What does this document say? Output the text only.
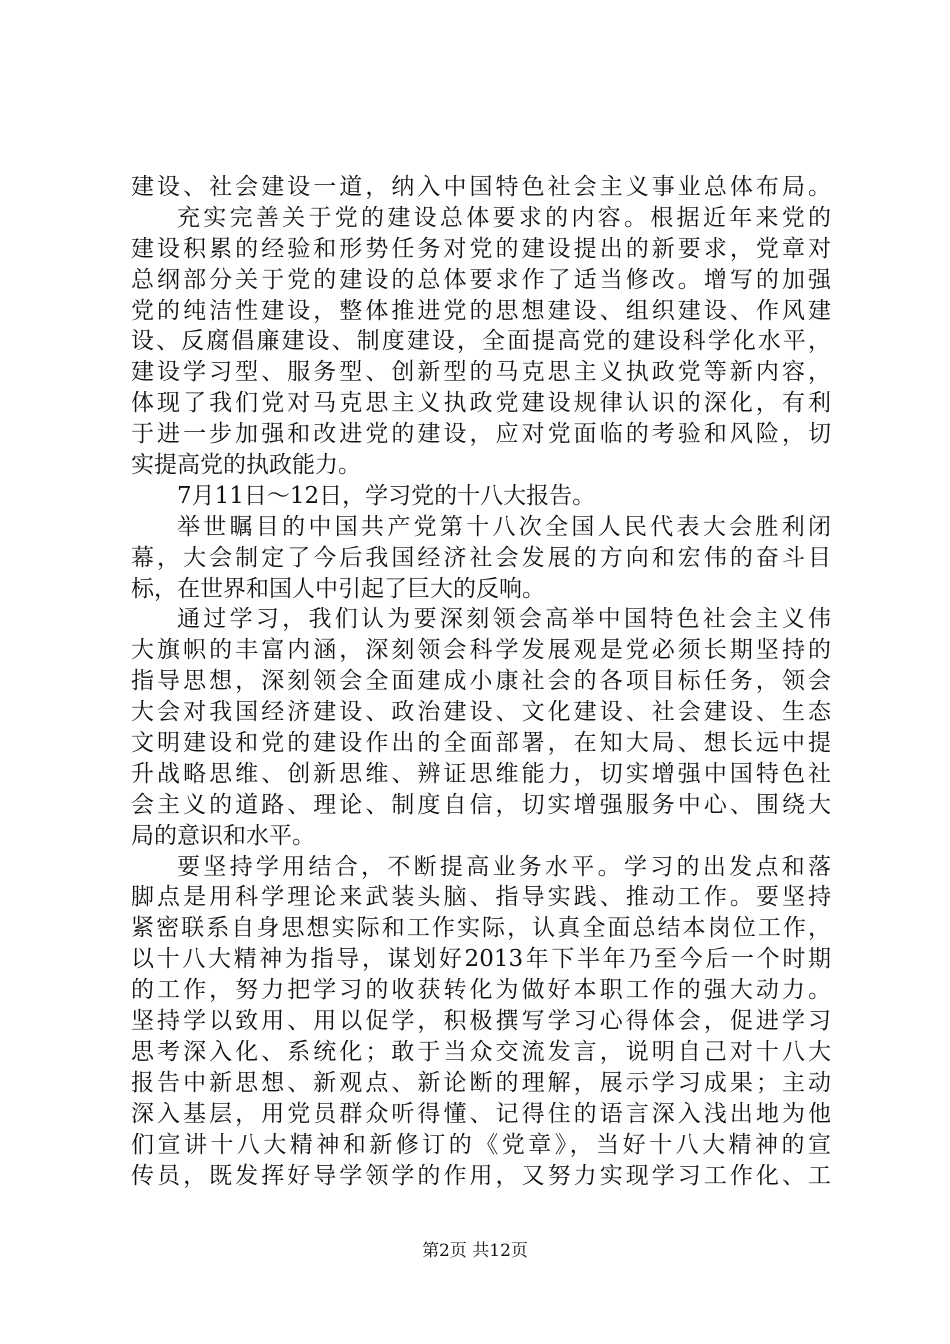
建设、社会建设一道，纳入中国特色社会主义事业总体布局。
充实完善关于党的建设总体要求的内容。根据近年来党的
建设积累的经验和形势任务对党的建设提出的新要求，党章对
总纲部分关于党的建设的总体要求作了适当修改。增写的加强
党的纯洁性建设，整体推进党的思想建设、组织建设、作风建
设、反腐倡廉建设、制度建设，全面提高党的建设科学化水平，
建设学习型、服务型、创新型的马克思主义执政党等新内容，
体现了我们党对马克思主义执政党建设规律认识的深化，有利
于进一步加强和改进党的建设，应对党面临的考验和风险，切
实提高党的执政能力。
7月11日～12日，学习党的十八大报告。
举世瞩目的中国共产党第十八次全国人民代表大会胜利闭
幕，大会制定了今后我国经济社会发展的方向和宏伟的奋斗目
标，在世界和国人中引起了巨大的反响。
通过学习，我们认为要深刻领会高举中国特色社会主义伟
大旗帜的丰富内涵，深刻领会科学发展观是党必须长期坚持的
指导思想，深刻领会全面建成小康社会的各项目标任务，领会
大会对我国经济建设、政治建设、文化建设、社会建设、生态
文明建设和党的建设作出的全面部署，在知大局、想长远中提
升战略思维、创新思维、辨证思维能力，切实增强中国特色社
会主义的道路、理论、制度自信，切实增强服务中心、围绕大
局的意识和水平。
要坚持学用结合，不断提高业务水平。学习的出发点和落
脚点是用科学理论来武装头脑、指导实践、推动工作。要坚持
紧密联系自身思想实际和工作实际，认真全面总结本岗位工作，
以十八大精神为指导，谋划好2013年下半年乃至今后一个时期
的工作，努力把学习的收获转化为做好本职工作的强大动力。
坚持学以致用、用以促学，积极撰写学习心得体会，促进学习
思考深入化、系统化；敢于当众交流发言，说明自己对十八大
报告中新思想、新观点、新论断的理解，展示学习成果；主动
深入基层，用党员群众听得懂、记得住的语言深入浅出地为他
们宣讲十八大精神和新修订的《党章》，当好十八大精神的宣
传员，既发挥好导学领学的作用，又努力实现学习工作化、工
第2页 共12页
